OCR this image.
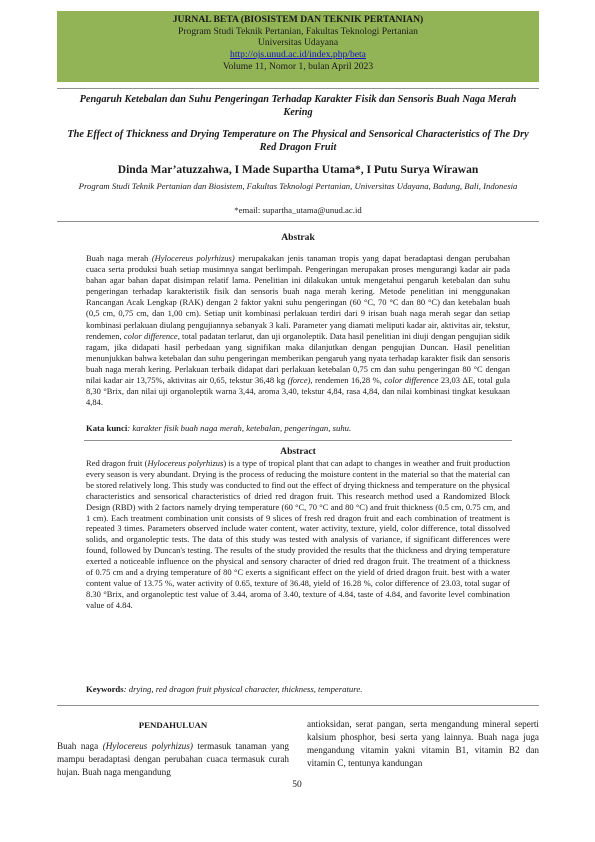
JURNAL BETA (BIOSISTEM DAN TEKNIK PERTANIAN)
Program Studi Teknik Pertanian, Fakultas Teknologi Pertanian
Universitas Udayana
http://ojs.unud.ac.id/index.php/beta
Volume 11, Nomor 1, bulan April 2023
Pengaruh Ketebalan dan Suhu Pengeringan Terhadap Karakter Fisik dan Sensoris Buah Naga Merah Kering
The Effect of Thickness and Drying Temperature on The Physical and Sensorical Characteristics of The Dry Red Dragon Fruit
Dinda Mar’atuzzahwa, I Made Supartha Utama*, I Putu Surya Wirawan
Program Studi Teknik Pertanian dan Biosistem, Fakultas Teknologi Pertanian, Universitas Udayana, Badung, Bali, Indonesia
*email: supartha_utama@unud.ac.id
Abstrak
Buah naga merah (Hylocereus polyrhizus) merupakakan jenis tanaman tropis yang dapat beradaptasi dengan perubahan cuaca serta produksi buah setiap musimnya sangat berlimpah. Pengeringan merupakan proses mengurangi kadar air pada bahan agar bahan dapat disimpan relatif lama. Penelitian ini dilakukan untuk mengetahui pengaruh ketebalan dan suhu pengeringan terhadap karakteristik fisik dan sensoris buah naga merah kering. Metode penelitian ini menggunakan Rancangan Acak Lengkap (RAK) dengan 2 faktor yakni suhu pengeringan (60 °C, 70 °C dan 80 °C) dan ketebalan buah (0,5 cm, 0,75 cm, dan 1,00 cm). Setiap unit kombinasi perlakuan terdiri dari 9 irisan buah naga merah segar dan setiap kombinasi perlakuan diulang pengujiannya sebanyak 3 kali. Parameter yang diamati meliputi kadar air, aktivitas air, tekstur, rendemen, color difference, total padatan terlarut, dan uji organoleptik. Data hasil penelitian ini diuji dengan pengujian sidik ragam, jika didapati hasil perbedaan yang signifikan maka dilanjutkan dengan pengujian Duncan. Hasil penelitian menunjukkan bahwa ketebalan dan suhu pengeringan memberikan pengaruh yang nyata terhadap karakter fisik dan sensoris buah naga merah kering. Perlakuan terbaik didapat dari perlakuan ketebalan 0,75 cm dan suhu pengeringan 80 °C dengan nilai kadar air 13,75%, aktivitas air 0,65, tekstur 36,48 kg (force), rendemen 16,28 %, color difference 23,03 ΔE, total gula 8,30 °Brix, dan nilai uji organoleptik warna 3,44, aroma 3,40, tekstur 4,84, rasa 4,84, dan nilai kombinasi tingkat kesukaan 4,84.
Kata kunci: karakter fisik buah naga merah, ketebalan, pengeringan, suhu.
Abstract
Red dragon fruit (Hylocereus polyrhizus) is a type of tropical plant that can adapt to changes in weather and fruit production every season is very abundant. Drying is the process of reducing the moisture content in the material so that the material can be stored relatively long. This study was conducted to find out the effect of drying thickness and temperature on the physical characteristics and sensorical characteristics of dried red dragon fruit. This research method used a Randomized Block Design (RBD) with 2 factors namely drying temperature (60 °C, 70 °C and 80 °C) and fruit thickness (0.5 cm, 0.75 cm, and 1 cm). Each treatment combination unit consists of 9 slices of fresh red dragon fruit and each combination of treatment is repeated 3 times. Parameters observed include water content, water activity, texture, yield, color difference, total dissolved solids, and organoleptic tests. The data of this study was tested with analysis of variance, if significant differences were found, followed by Duncan's testing. The results of the study provided the results that the thickness and drying temperature exerted a noticeable influence on the physical and sensory character of dried red dragon fruit. The treatment of a thickness of 0.75 cm and a drying temperature of 80 °C exerts a significant effect on the yield of dried dragon fruit. best with a water content value of 13.75 %, water activity of 0.65, texture of 36.48, yield of 16.28 %, color difference of 23.03, total sugar of 8.30 °Brix, and organoleptic test value of 3.44, aroma of 3.40, texture of 4.84, taste of 4.84, and favorite level combination value of 4.84.
Keywords: drying, red dragon fruit physical character, thickness, temperature.
PENDAHULUAN
Buah naga (Hylocereus polyrhizus) termasuk tanaman yang mampu beradaptasi dengan perubahan cuaca termasuk curah hujan. Buah naga mengandung
antioksidan, serat pangan, serta mengandung mineral seperti kalsium phosphor, besi serta yang lainnya. Buah naga juga mengandung vitamin yakni vitamin B1, vitamin B2 dan vitamin C, tentunya kandungan
50
